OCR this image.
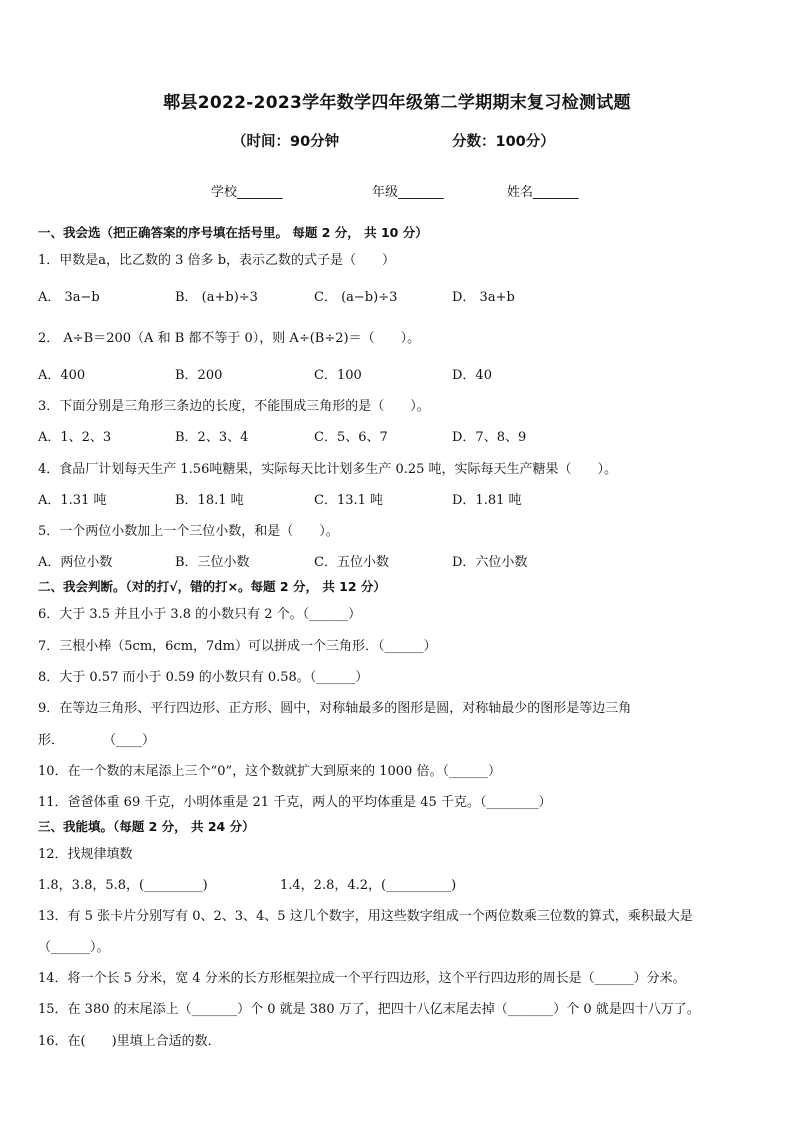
郫县2022-2023学年数学四年级第二学期期末复习检测试题
（时间：90分钟	分数：100分）
学校_______	年级_______	姓名_______
一、我会选（把正确答案的序号填在括号里。 每题 2 分， 共 10 分）
1．甲数是a，比乙数的 3 倍多 b，表示乙数的式子是（　　）
A． 3a−b	B． (a+b)÷3	C． (a−b)÷3	D． 3a+b
2． A÷B＝200（A 和 B 都不等于 0），则 A÷(B÷2)＝（　　）。
A．400	B．200	C．100	D．40
3．下面分别是三角形三条边的长度，不能围成三角形的是（　　）。
A．1、2、3	B．2、3、4	C．5、6、7	D．7、8、9
4．食品厂计划每天生产 1.56吨糖果，实际每天比计划多生产 0.25 吨，实际每天生产糖果（　　）。
A．1.31 吨	B．18.1 吨	C．13.1 吨	D．1.81 吨
5．一个两位小数加上一个三位小数，和是（　　）。
A．两位小数	B．三位小数	C．五位小数	D．六位小数
二、我会判断。（对的打√，错的打×。每题 2 分， 共 12 分）
6．大于 3.5 并且小于 3.8 的小数只有 2 个。（______）
7．三根小棒（5cm，6cm，7dm）可以拼成一个三角形．（______）
8．大于 0.57 而小于 0.59 的小数只有 0.58。（______）
9．在等边三角形、平行四边形、正方形、圆中，对称轴最多的图形是圆，对称轴最少的图形是等边三角
形．　　　　（____）
10．在一个数的末尾添上三个“0”，这个数就扩大到原来的 1000 倍。（______）
11．爸爸体重 69 千克，小明体重是 21 千克，两人的平均体重是 45 千克。（________）
三、我能填。（每题 2 分， 共 24 分）
12．找规律填数
1.8，3.8，5.8，(_________)	1.4，2.8，4.2，(__________)
13．有 5 张卡片分别写有 0、2、3、4、5 这几个数字，用这些数字组成一个两位数乘三位数的算式，乘积最大是
（______）。
14．将一个长 5 分米，宽 4 分米的长方形框架拉成一个平行四边形，这个平行四边形的周长是（______）分米。
15．在 380 的末尾添上（_______）个 0 就是 380 万了，把四十八亿末尾去掉（_______）个 0 就是四十八万了。
16．在(　　)里填上合适的数．
